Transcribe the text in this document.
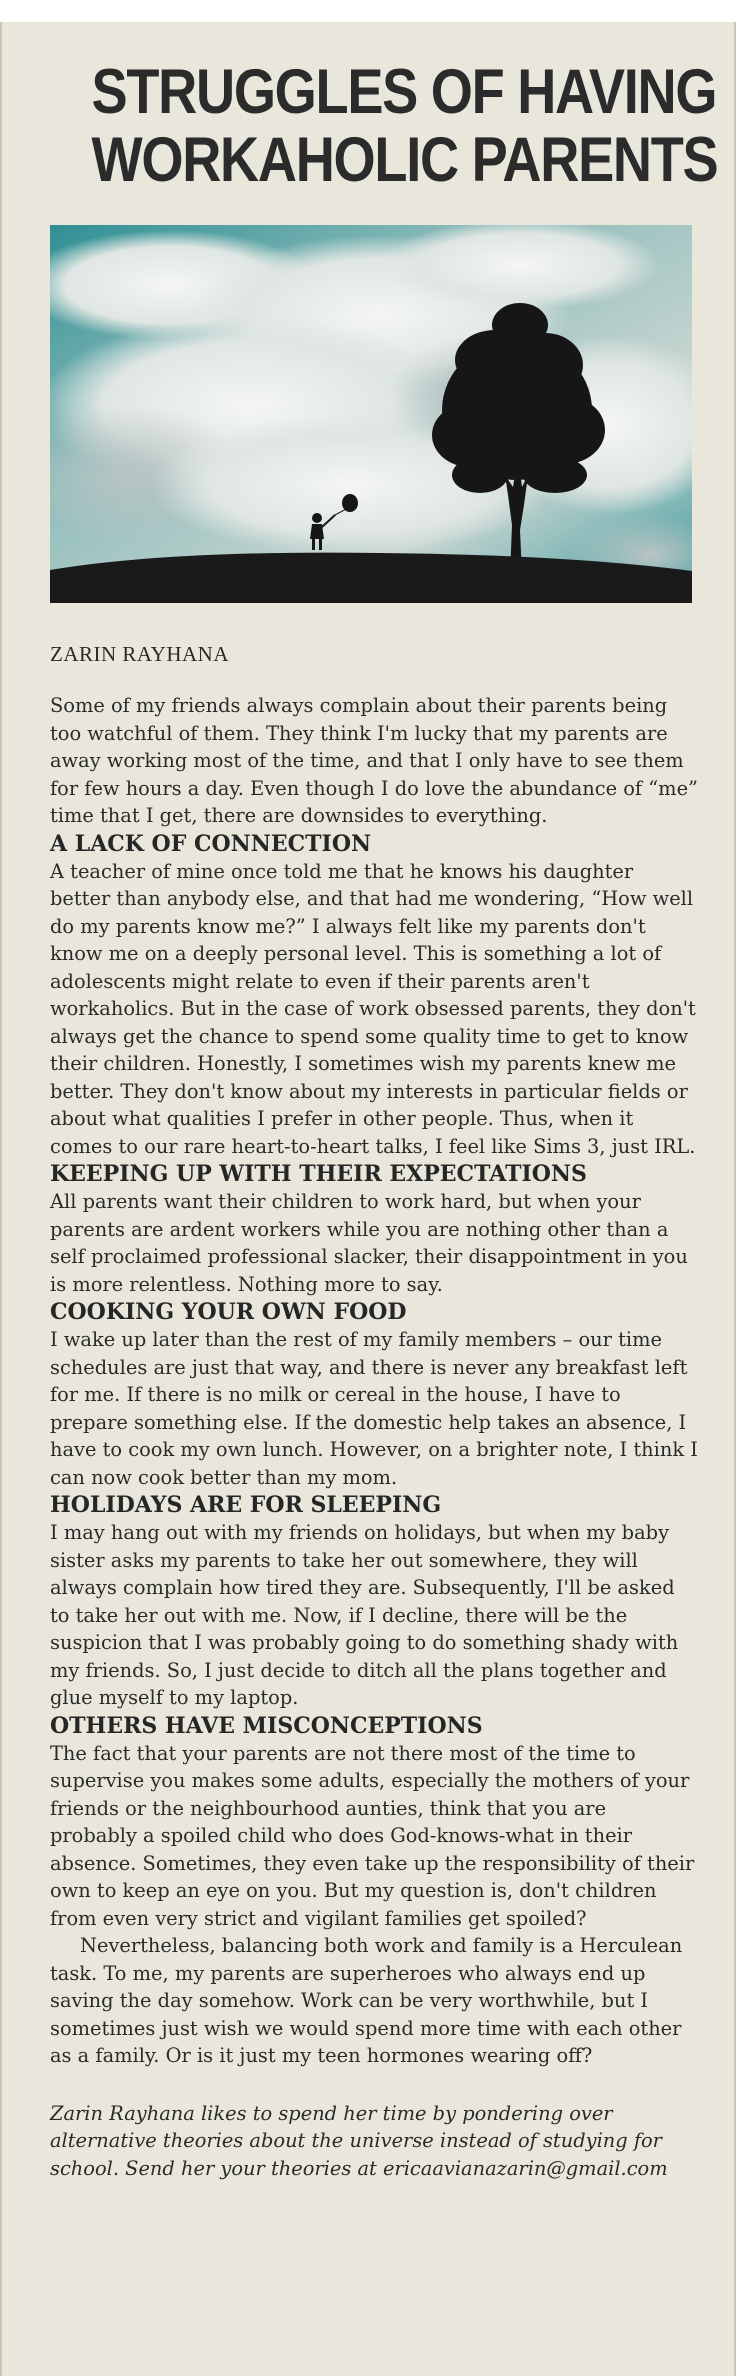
STRUGGLES OF HAVING
WORKAHOLIC PARENTS

ZARIN RAYHANA

Some of my friends always complain about their parents being too watchful of them. They think I'm lucky that my parents are away working most of the time, and that I only have to see them for few hours a day. Even though I do love the abundance of “me” time that I get, there are downsides to everything.

A LACK OF CONNECTION

A teacher of mine once told me that he knows his daughter better than anybody else, and that had me wondering, “How well do my parents know me?” I always felt like my parents don't know me on a deeply personal level. This is something a lot of adolescents might relate to even if their parents aren't workaholics. But in the case of work obsessed parents, they don't always get the chance to spend some quality time to get to know their children. Honestly, I sometimes wish my parents knew me better. They don't know about my interests in particular fields or about what qualities I prefer in other people. Thus, when it comes to our rare heart-to-heart talks, I feel like Sims 3, just IRL.

KEEPING UP WITH THEIR EXPECTATIONS

All parents want their children to work hard, but when your parents are ardent workers while you are nothing other than a self proclaimed professional slacker, their disappointment in you is more relentless. Nothing more to say.

COOKING YOUR OWN FOOD

I wake up later than the rest of my family members – our time schedules are just that way, and there is never any breakfast left for me. If there is no milk or cereal in the house, I have to prepare something else. If the domestic help takes an absence, I have to cook my own lunch. However, on a brighter note, I think I can now cook better than my mom.

HOLIDAYS ARE FOR SLEEPING

I may hang out with my friends on holidays, but when my baby sister asks my parents to take her out somewhere, they will always complain how tired they are. Subsequently, I'll be asked to take her out with me. Now, if I decline, there will be the suspicion that I was probably going to do something shady with my friends. So, I just decide to ditch all the plans together and glue myself to my laptop.

OTHERS HAVE MISCONCEPTIONS

The fact that your parents are not there most of the time to supervise you makes some adults, especially the mothers of your friends or the neighbourhood aunties, think that you are probably a spoiled child who does God-knows-what in their absence. Sometimes, they even take up the responsibility of their own to keep an eye on you. But my question is, don't children from even very strict and vigilant families get spoiled?

Nevertheless, balancing both work and family is a Herculean task. To me, my parents are superheroes who always end up saving the day somehow. Work can be very worthwhile, but I sometimes just wish we would spend more time with each other as a family. Or is it just my teen hormones wearing off?

Zarin Rayhana likes to spend her time by pondering over alternative theories about the universe instead of studying for school. Send her your theories at ericaavianazarin@gmail.com
